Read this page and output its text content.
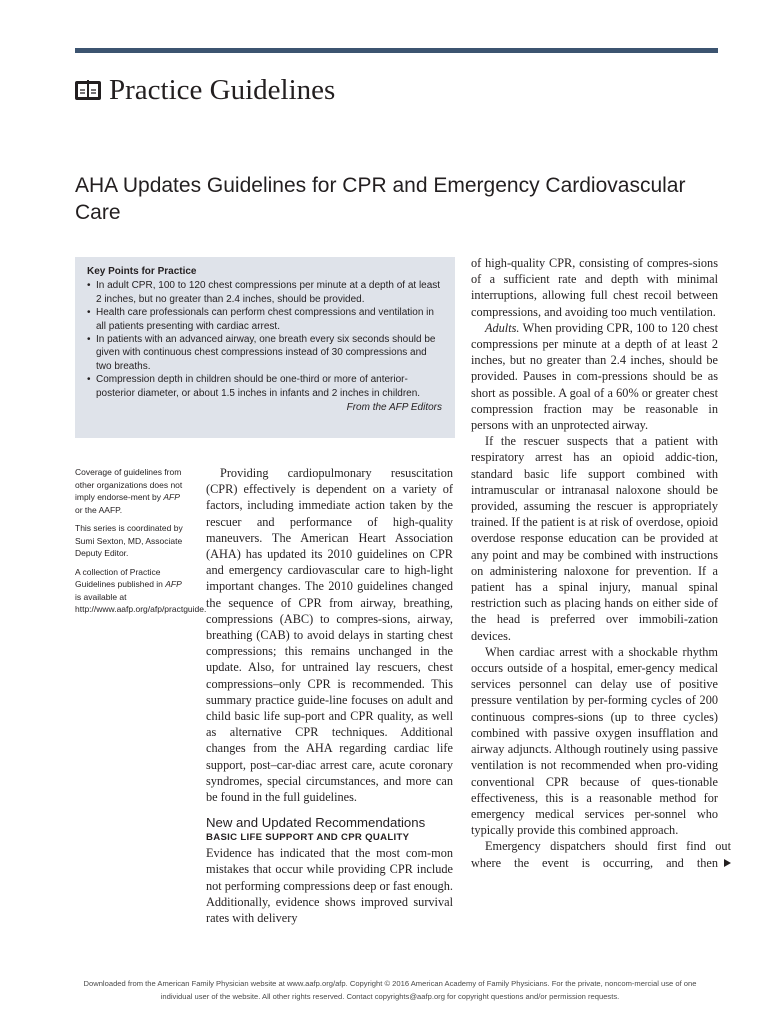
Practice Guidelines
AHA Updates Guidelines for CPR and Emergency Cardiovascular Care
Key Points for Practice
• In adult CPR, 100 to 120 chest compressions per minute at a depth of at least 2 inches, but no greater than 2.4 inches, should be provided.
• Health care professionals can perform chest compressions and ventilation in all patients presenting with cardiac arrest.
• In patients with an advanced airway, one breath every six seconds should be given with continuous chest compressions instead of 30 compressions and two breaths.
• Compression depth in children should be one-third or more of anterior-posterior diameter, or about 1.5 inches in infants and 2 inches in children.
From the AFP Editors

Coverage of guidelines from other organizations does not imply endorse-ment by AFP or the AAFP.

This series is coordinated by Sumi Sexton, MD, Associate Deputy Editor.

A collection of Practice Guidelines published in AFP is available at http://www.aafp.org/afp/practguide.

Providing cardiopulmonary resuscitation (CPR) effectively is dependent on a variety of factors, including immediate action taken by the rescuer and performance of high-quality maneuvers. The American Heart Association (AHA) has updated its 2010 guidelines on CPR and emergency cardiovascular care to high-light important changes. The 2010 guidelines changed the sequence of CPR from airway, breathing, compressions (ABC) to compres-sions, airway, breathing (CAB) to avoid delays in starting chest compressions; this remains unchanged in the update. Also, for untrained lay rescuers, chest compressions–only CPR is recommended. This summary practice guide-line focuses on adult and child basic life sup-port and CPR quality, as well as alternative CPR techniques. Additional changes from the AHA regarding cardiac life support, post–car-diac arrest care, acute coronary syndromes, special circumstances, and more can be found in the full guidelines.

New and Updated Recommendations
BASIC LIFE SUPPORT AND CPR QUALITY

Evidence has indicated that the most com-mon mistakes that occur while providing CPR include not performing compressions deep or fast enough. Additionally, evidence shows improved survival rates with delivery

of high-quality CPR, consisting of compres-sions of a sufficient rate and depth with minimal interruptions, allowing full chest recoil between compressions, and avoiding too much ventilation.

Adults. When providing CPR, 100 to 120 chest compressions per minute at a depth of at least 2 inches, but no greater than 2.4 inches, should be provided. Pauses in com-pressions should be as short as possible. A goal of a 60% or greater chest compression fraction may be reasonable in persons with an unprotected airway.

If the rescuer suspects that a patient with respiratory arrest has an opioid addic-tion, standard basic life support combined with intramuscular or intranasal naloxone should be provided, assuming the rescuer is appropriately trained. If the patient is at risk of overdose, opioid overdose response education can be provided at any point and may be combined with instructions on administering naloxone for prevention. If a patient has a spinal injury, manual spinal restriction such as placing hands on either side of the head is preferred over immobili-zation devices.

When cardiac arrest with a shockable rhythm occurs outside of a hospital, emer-gency medical services personnel can delay use of positive pressure ventilation by per-forming cycles of 200 continuous compres-sions (up to three cycles) combined with passive oxygen insufflation and airway adjuncts. Although routinely using passive ventilation is not recommended when pro-viding conventional CPR because of ques-tionable effectiveness, this is a reasonable method for emergency medical services per-sonnel who typically provide this combined approach.

Emergency dispatchers should first find out where the event is occurring, and then

Downloaded from the American Family Physician website at www.aafp.org/afp. Copyright © 2016 American Academy of Family Physicians. For the private, noncom-mercial use of one individual user of the website. All other rights reserved. Contact copyrights@aafp.org for copyright questions and/or permission requests.
